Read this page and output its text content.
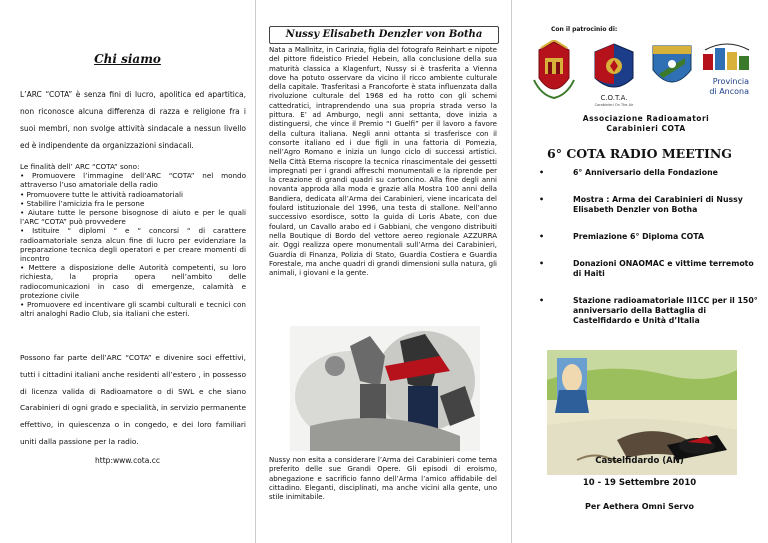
Chi siamo

L’ARC “COTA” è senza fini di lucro, apolitica ed apartitica, non riconosce alcuna differenza di razza e religione fra i suoi membri, non svolge attività sindacale a nessun livello ed è indipendente da organizzazioni sindacali.

Le finalità dell’ ARC “COTA” sono:
• Promuovere l’immagine dell’ARC “COTA” nel mondo attraverso l’uso amatoriale della radio
• Promuovere tutte le attività radioamatoriali
• Stabilire l’amicizia fra le persone
• Aiutare tutte le persone bisognose di aiuto e per le quali l’ARC “COTA” può provvedere
• Istituire “ diplomi “ e “ concorsi “ di carattere radioamatoriale senza alcun fine di lucro per evidenziare la preparazione tecnica degli operatori e per creare momenti di incontro
• Mettere a disposizione delle Autorità competenti, su loro richiesta, la propria opera nell’ambito delle radiocomunicazioni in caso di emergenze, calamità e protezione civile
• Promuovere ed incentivare gli scambi culturali e tecnici con altri analoghi Radio Club, sia italiani che esteri.

Possono far parte dell’ARC “COTA” e divenire soci effettivi, tutti i cittadini italiani anche residenti all’estero , in possesso di licenza valida di Radioamatore o di SWL e che siano Carabinieri di ogni grado e specialità, in servizio permanente effettivo, in quiescenza o in congedo, e dei loro familiari uniti dalla passione per la radio.

http:www.cota.cc
Nussy Elisabeth Denzler von Botha

Nata a Mallnitz, in Carinzia, figlia del fotografo Reinhart e nipote del pittore fideistico Friedel Hebein, alla conclusione della sua maturità classica a Klagenfurt, Nussy si è trasferita a Vienna dove ha potuto osservare da vicino il ricco ambiente culturale della capitale. Trasferitasi a Francoforte è stata influenzata dalla rivoluzione culturale del 1968 ed ha rotto con gli schemi cattedratici, intraprendendo una sua propria strada verso la pittura. E’ ad Amburgo, negli anni settanta, dove inizia a distinguersi, che vince il Premio “I Guelfi” per il lavoro a favore della cultura italiana. Negli anni ottanta si trasferisce con il consorte italiano ed i due figli in una fattoria di Pomezia, nell’Agro Romano e inizia un lungo ciclo di successi artistici. Nella Città Eterna riscopre la tecnica rinascimentale dei gessetti impregnati per i grandi affreschi monumentali e la riprende per la creazione di grandi quadri su cartoncino. Alla fine degli anni novanta approda alla moda e grazie alla Mostra 100 anni della Bandiera, dedicata all’Arma dei Carabinieri, viene incaricata del foulard istituzionale del 1996, una testa di stallone. Nell’anno successivo esordisce, sotto la guida di Loris Abate, con due foulard, un Cavallo arabo ed i Gabbiani, che vengono distribuiti nella Boutique di Bordo del vettore aereo regionale AZZURRA air. Oggi realizza opere monumentali sull’Arma dei Carabinieri, Guardia di Finanza, Polizia di Stato, Guardia Costiera e Guardia Forestale, ma anche quadri di grandi dimensioni sulla natura, gli animali, i giovani e la gente.

Nussy non esita a considerare l’Arma dei Carabinieri come tema preferito delle sue Grandi Opere. Gli episodi di eroismo, abnegazione e sacrificio fanno dell’Arma l’amico affidabile del cittadino. Eleganti, disciplinati, ma anche vicini alla gente, uno stile inimitabile.

Con il patrocinio di:
C.O.T.A.
Carabinieri On The Air
Provincia
di Ancona
Associazione Radioamatori
Carabinieri COTA
6° COTA RADIO MEETING
•	6° Anniversario della Fondazione
•	Mostra : Arma dei Carabinieri di Nussy Elisabeth Denzler von Botha
•	Premiazione 6° Diploma COTA
•	Donazioni ONAOMAC e vittime terremoto di Haiti
•	Stazione radioamatoriale II1CC per il 150° anniversario della Battaglia di Castelfidardo e Unità d’Italia
Castelfidardo (AN)
10 - 19 Settembre 2010
Per Aethera Omni Servo
